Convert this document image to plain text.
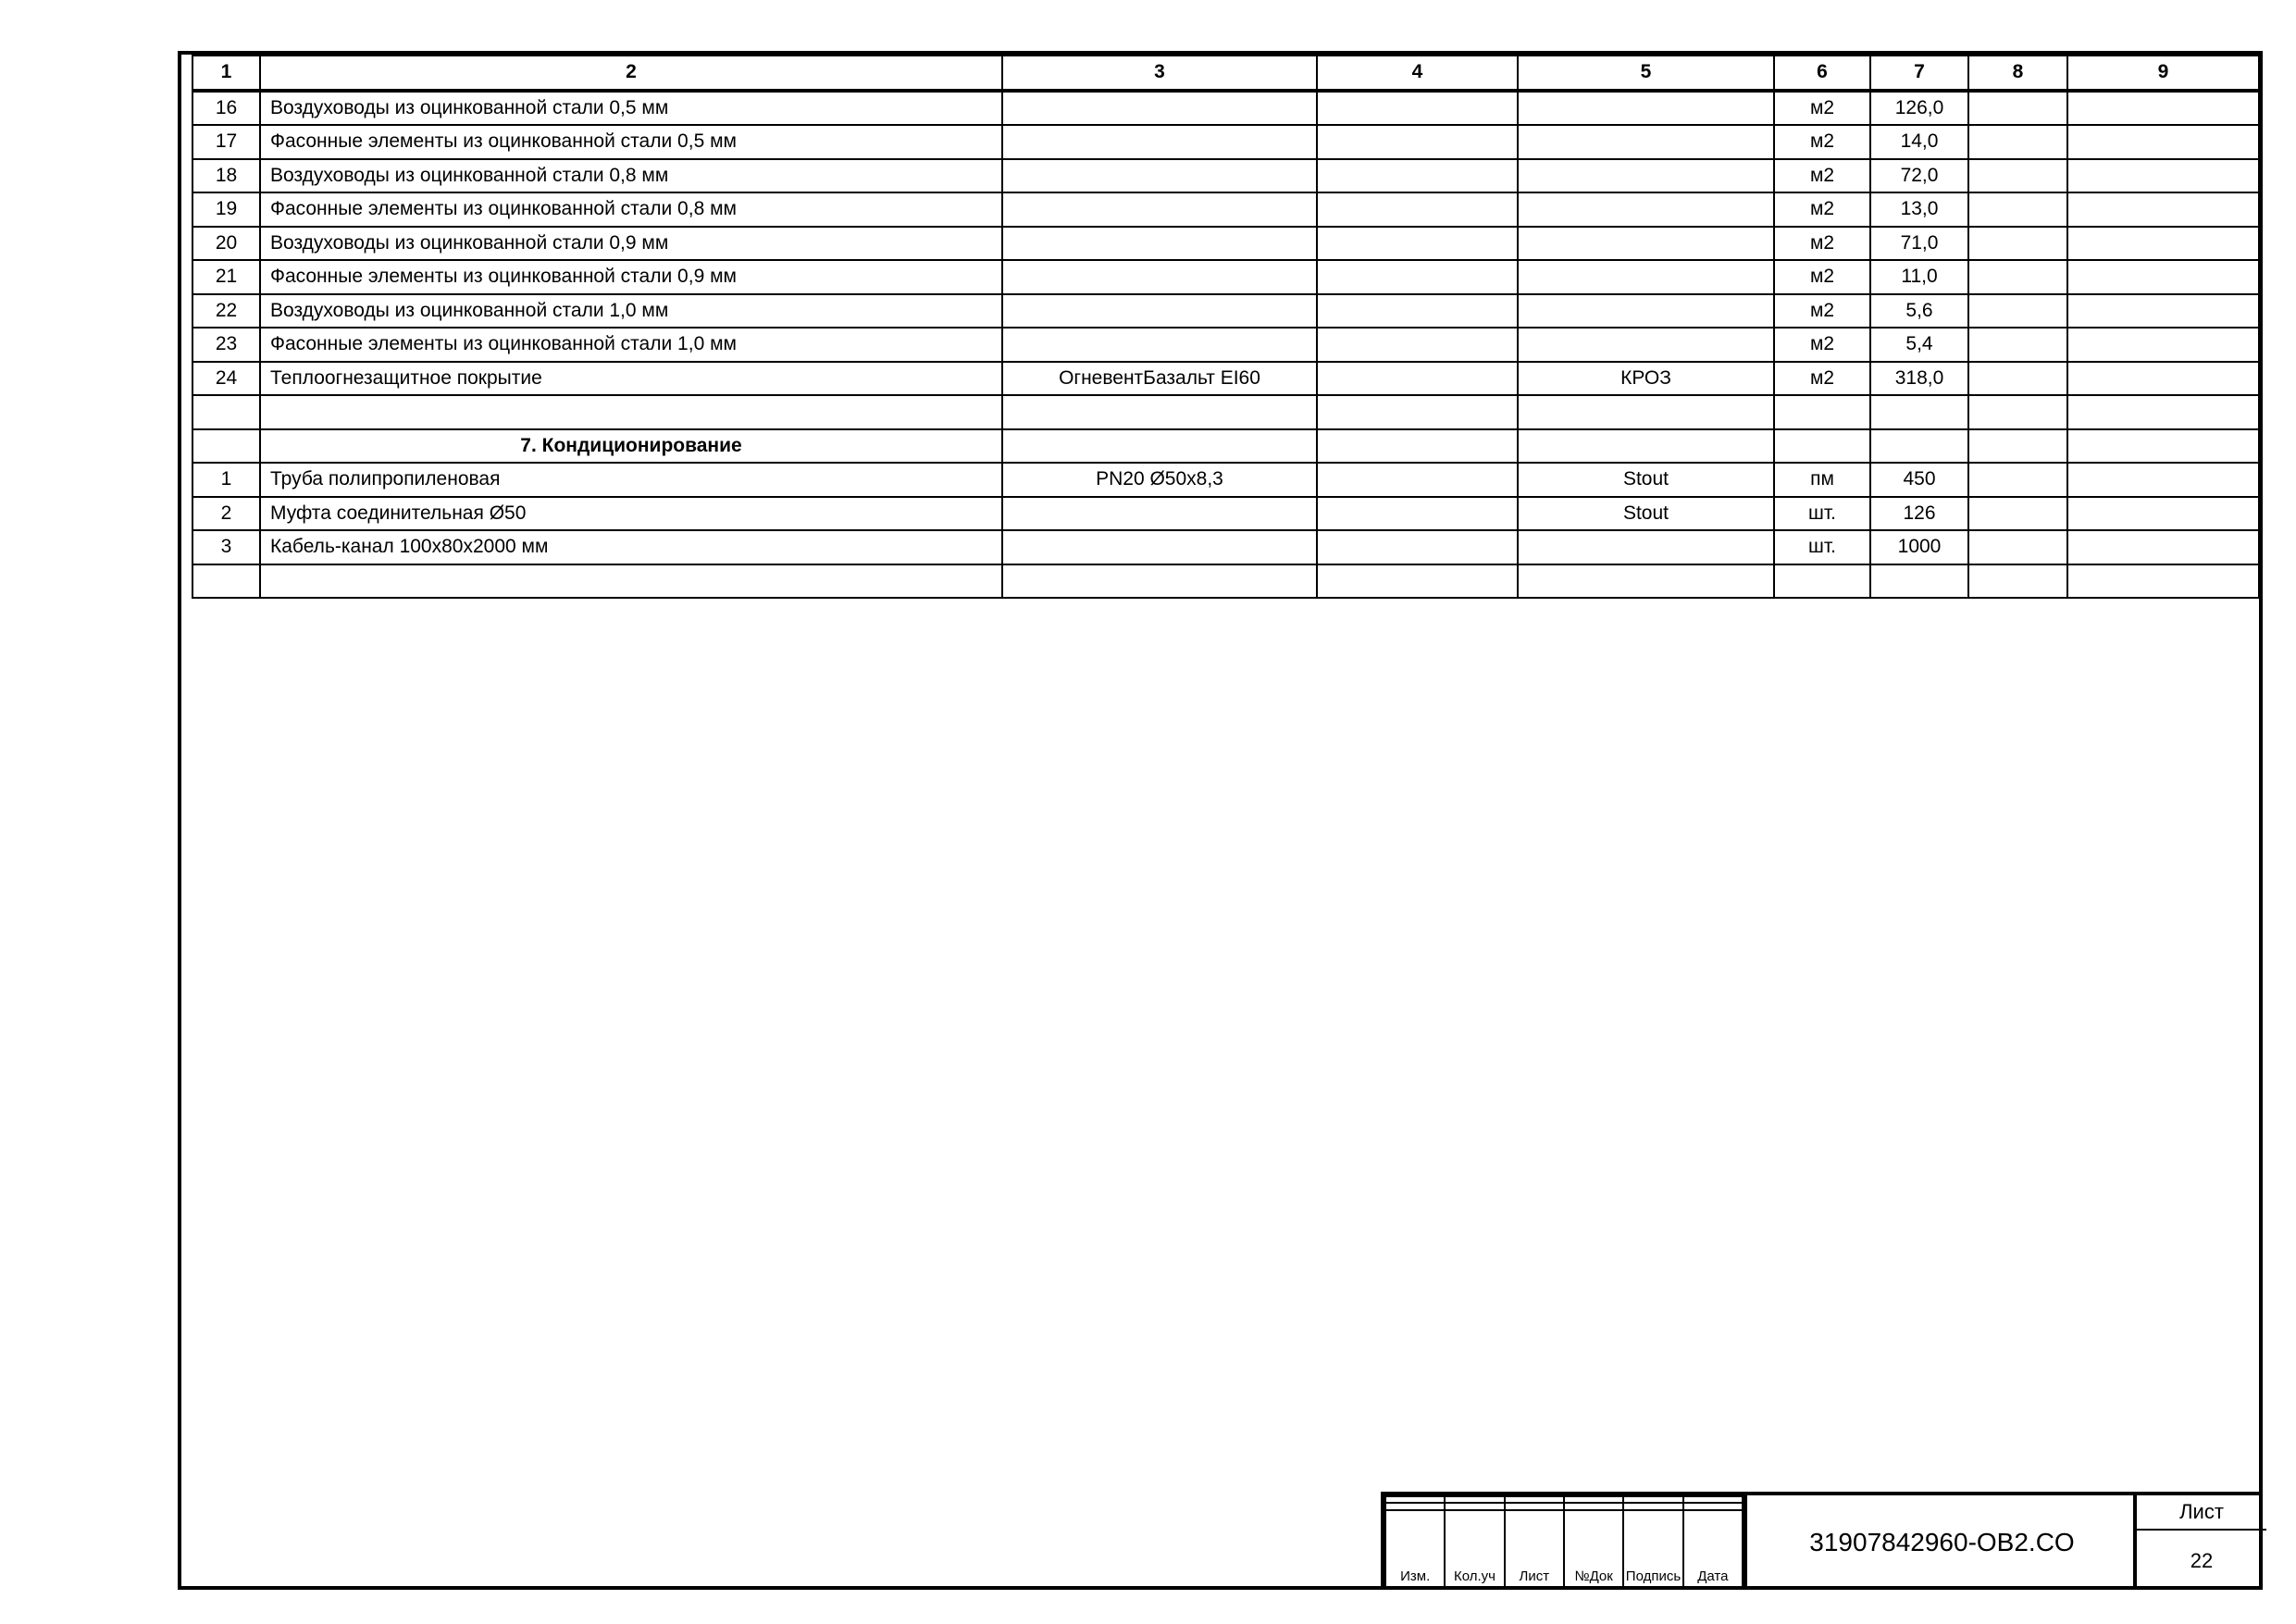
1	2	3	4	5	6	7	8	9
16	Воздуховоды из оцинкованной стали 0,5 мм				м2	126,0		
17	Фасонные элементы из оцинкованной стали 0,5 мм				м2	14,0		
18	Воздуховоды из оцинкованной стали 0,8 мм				м2	72,0		
19	Фасонные элементы из оцинкованной стали 0,8 мм				м2	13,0		
20	Воздуховоды из оцинкованной стали 0,9 мм				м2	71,0		
21	Фасонные элементы из оцинкованной стали 0,9 мм				м2	11,0		
22	Воздуховоды из оцинкованной стали 1,0 мм				м2	5,6		
23	Фасонные элементы из оцинкованной стали 1,0 мм				м2	5,4		
24	Теплоогнезащитное покрытие	ОгневентБазальт EI60		КРОЗ	м2	318,0		

	7. Кондиционирование							
1	Труба полипропиленовая	PN20 Ø50х8,3		Stout	пм	450		
2	Муфта соединительная Ø50			Stout	шт.	126		
3	Кабель-канал 100х80х2000 мм				шт.	1000		

Изм.	Кол.уч	Лист	№Док	Подпись	Дата
31907842960-OB2.CO
Лист
22
